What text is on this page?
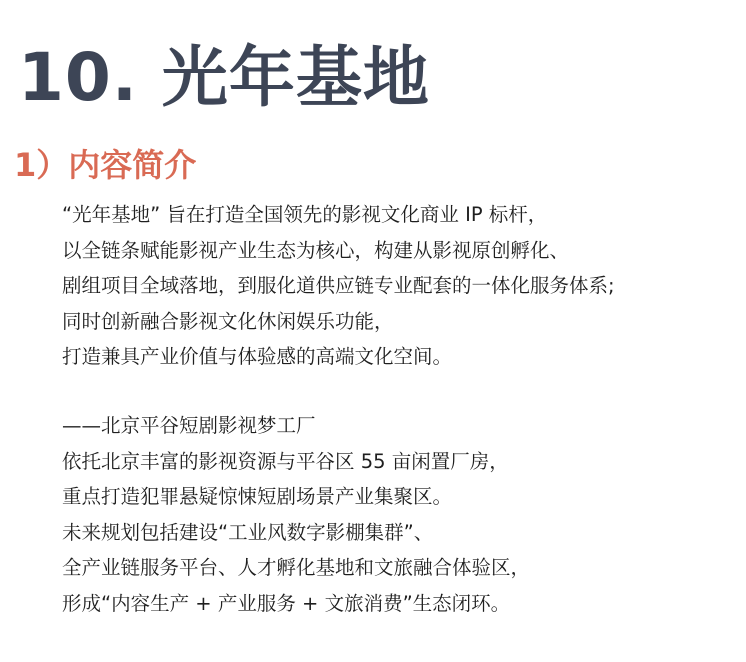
10. 光年基地
1）内容简介
“光年基地” 旨在打造全国领先的影视文化商业 IP 标杆，
以全链条赋能影视产业生态为核心，构建从影视原创孵化、
剧组项目全域落地，到服化道供应链专业配套的一体化服务体系;
同时创新融合影视文化休闲娱乐功能，
打造兼具产业价值与体验感的高端文化空间。
——北京平谷短剧影视梦工厂
依托北京丰富的影视资源与平谷区 55 亩闲置厂房，
重点打造犯罪悬疑惊悚短剧场景产业集聚区。
未来规划包括建设“工业风数字影棚集群”、
全产业链服务平台、人才孵化基地和文旅融合体验区，
形成“内容生产 + 产业服务 + 文旅消费”生态闭环。
